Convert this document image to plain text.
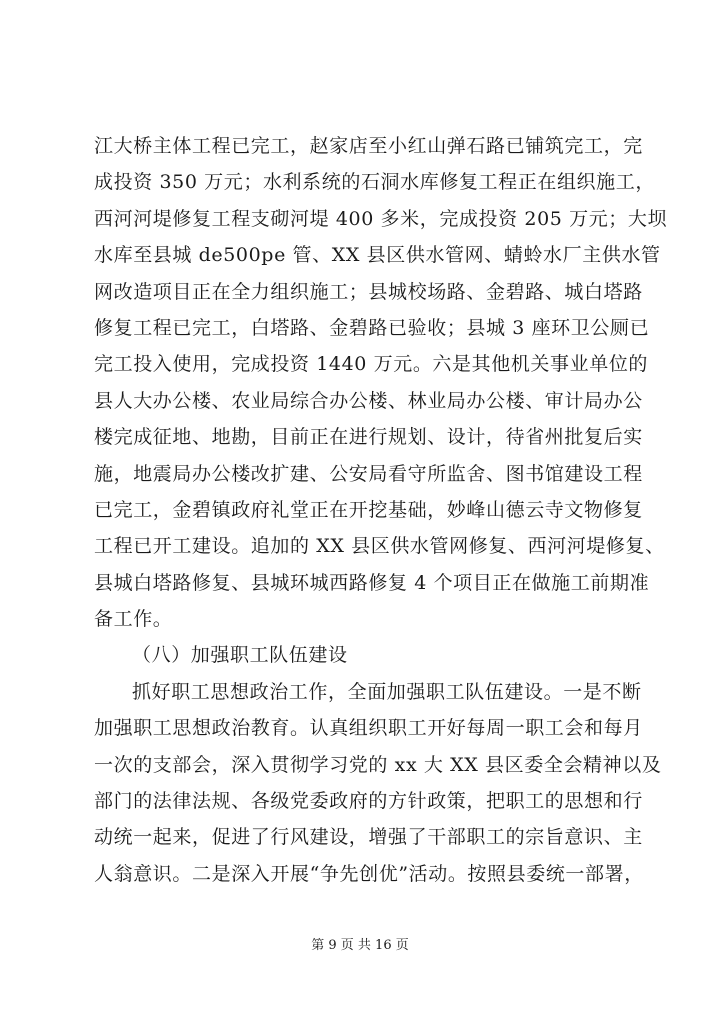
江大桥主体工程已完工，赵家店至小红山弹石路已铺筑完工，完
成投资 350 万元；水利系统的石洞水库修复工程正在组织施工，
西河河堤修复工程支砌河堤 400 多米，完成投资 205 万元；大坝
水库至县城 de500pe 管、XX 县区供水管网、蜻蛉水厂主供水管
网改造项目正在全力组织施工；县城校场路、金碧路、城白塔路
修复工程已完工，白塔路、金碧路已验收；县城 3 座环卫公厕已
完工投入使用，完成投资 1440 万元。六是其他机关事业单位的
县人大办公楼、农业局综合办公楼、林业局办公楼、审计局办公
楼完成征地、地勘，目前正在进行规划、设计，待省州批复后实
施，地震局办公楼改扩建、公安局看守所监舍、图书馆建设工程
已完工，金碧镇政府礼堂正在开挖基础，妙峰山德云寺文物修复
工程已开工建设。追加的 XX 县区供水管网修复、西河河堤修复、
县城白塔路修复、县城环城西路修复 4 个项目正在做施工前期准
备工作。
（八）加强职工队伍建设
抓好职工思想政治工作，全面加强职工队伍建设。一是不断
加强职工思想政治教育。认真组织职工开好每周一职工会和每月
一次的支部会，深入贯彻学习党的 xx 大 XX 县区委全会精神以及
部门的法律法规、各级党委政府的方针政策，把职工的思想和行
动统一起来，促进了行风建设，增强了干部职工的宗旨意识、主
人翁意识。二是深入开展“争先创优”活动。按照县委统一部署，
第 9 页 共 16 页
